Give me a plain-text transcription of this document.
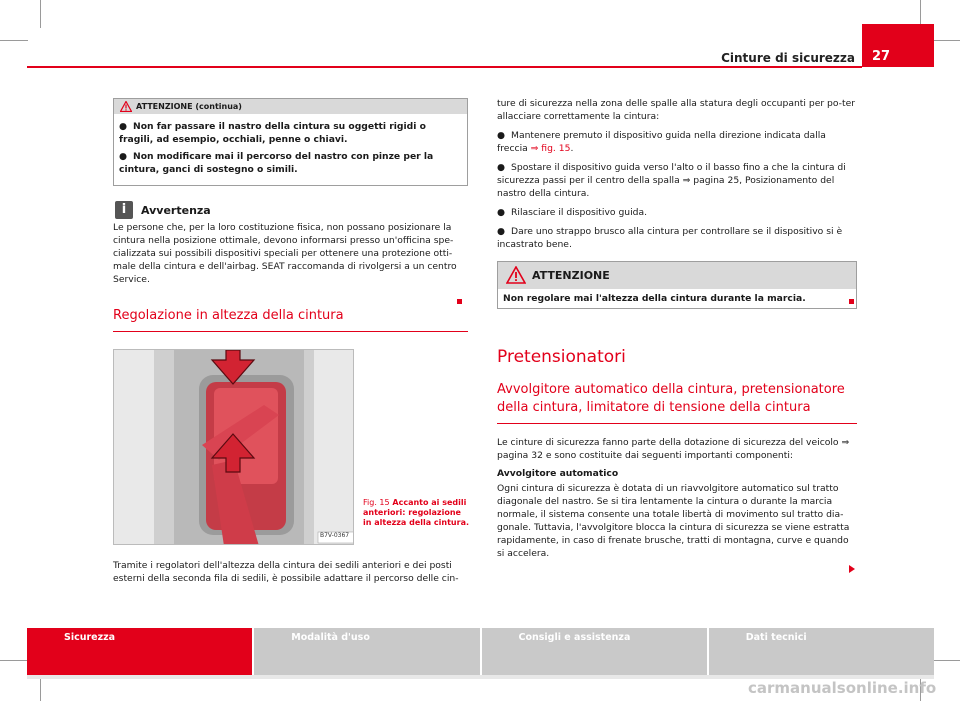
Cinture di sicurezza	27
ATTENZIONE (continua)

● Non far passare il nastro della cintura su oggetti rigidi o fragili, ad esempio, occhiali, penne o chiavi.

● Non modificare mai il percorso del nastro con pinze per la cintura, ganci di sostegno o simili.

i	Avvertenza

Le persone che, per la loro costituzione fisica, non possano posizionare la cintura nella posizione ottimale, devono informarsi presso un'officina spe-cializzata sui possibili dispositivi speciali per ottenere una protezione otti-male della cintura e dell'airbag. SEAT raccomanda di rivolgersi a un centro Service.

Regolazione in altezza della cintura
B7V-0367
Fig. 15 Accanto ai sedili anteriori: regolazione in altezza della cintura.

Tramite i regolatori dell'altezza della cintura dei sedili anteriori e dei posti esterni della seconda fila di sedili, è possibile adattare il percorso delle cin-

ture di sicurezza nella zona delle spalle alla statura degli occupanti per po-ter allacciare correttamente la cintura:

● Mantenere premuto il dispositivo guida nella direzione indicata dalla freccia ⇒ fig. 15.

● Spostare il dispositivo guida verso l'alto o il basso fino a che la cintura di sicurezza passi per il centro della spalla ⇒ pagina 25, Posizionamento del nastro della cintura.

● Rilasciare il dispositivo guida.

● Dare uno strappo brusco alla cintura per controllare se il dispositivo si è incastrato bene.

ATTENZIONE
Non regolare mai l'altezza della cintura durante la marcia.
Pretensionatori
Avvolgitore automatico della cintura, pretensionatore della cintura, limitatore di tensione della cintura

Le cinture di sicurezza fanno parte della dotazione di sicurezza del veicolo ⇒ pagina 32 e sono costituite dai seguenti importanti componenti:

Avvolgitore automatico

Ogni cintura di sicurezza è dotata di un riavvolgitore automatico sul tratto diagonale del nastro. Se si tira lentamente la cintura o durante la marcia normale, il sistema consente una totale libertà di movimento sul tratto dia-gonale. Tuttavia, l'avvolgitore blocca la cintura di sicurezza se viene estratta rapidamente, in caso di frenate brusche, tratti di montagna, curve e quando si accelera.

Sicurezza	Modalità d'uso	Consigli e assistenza	Dati tecnici
carmanualsonline.info
